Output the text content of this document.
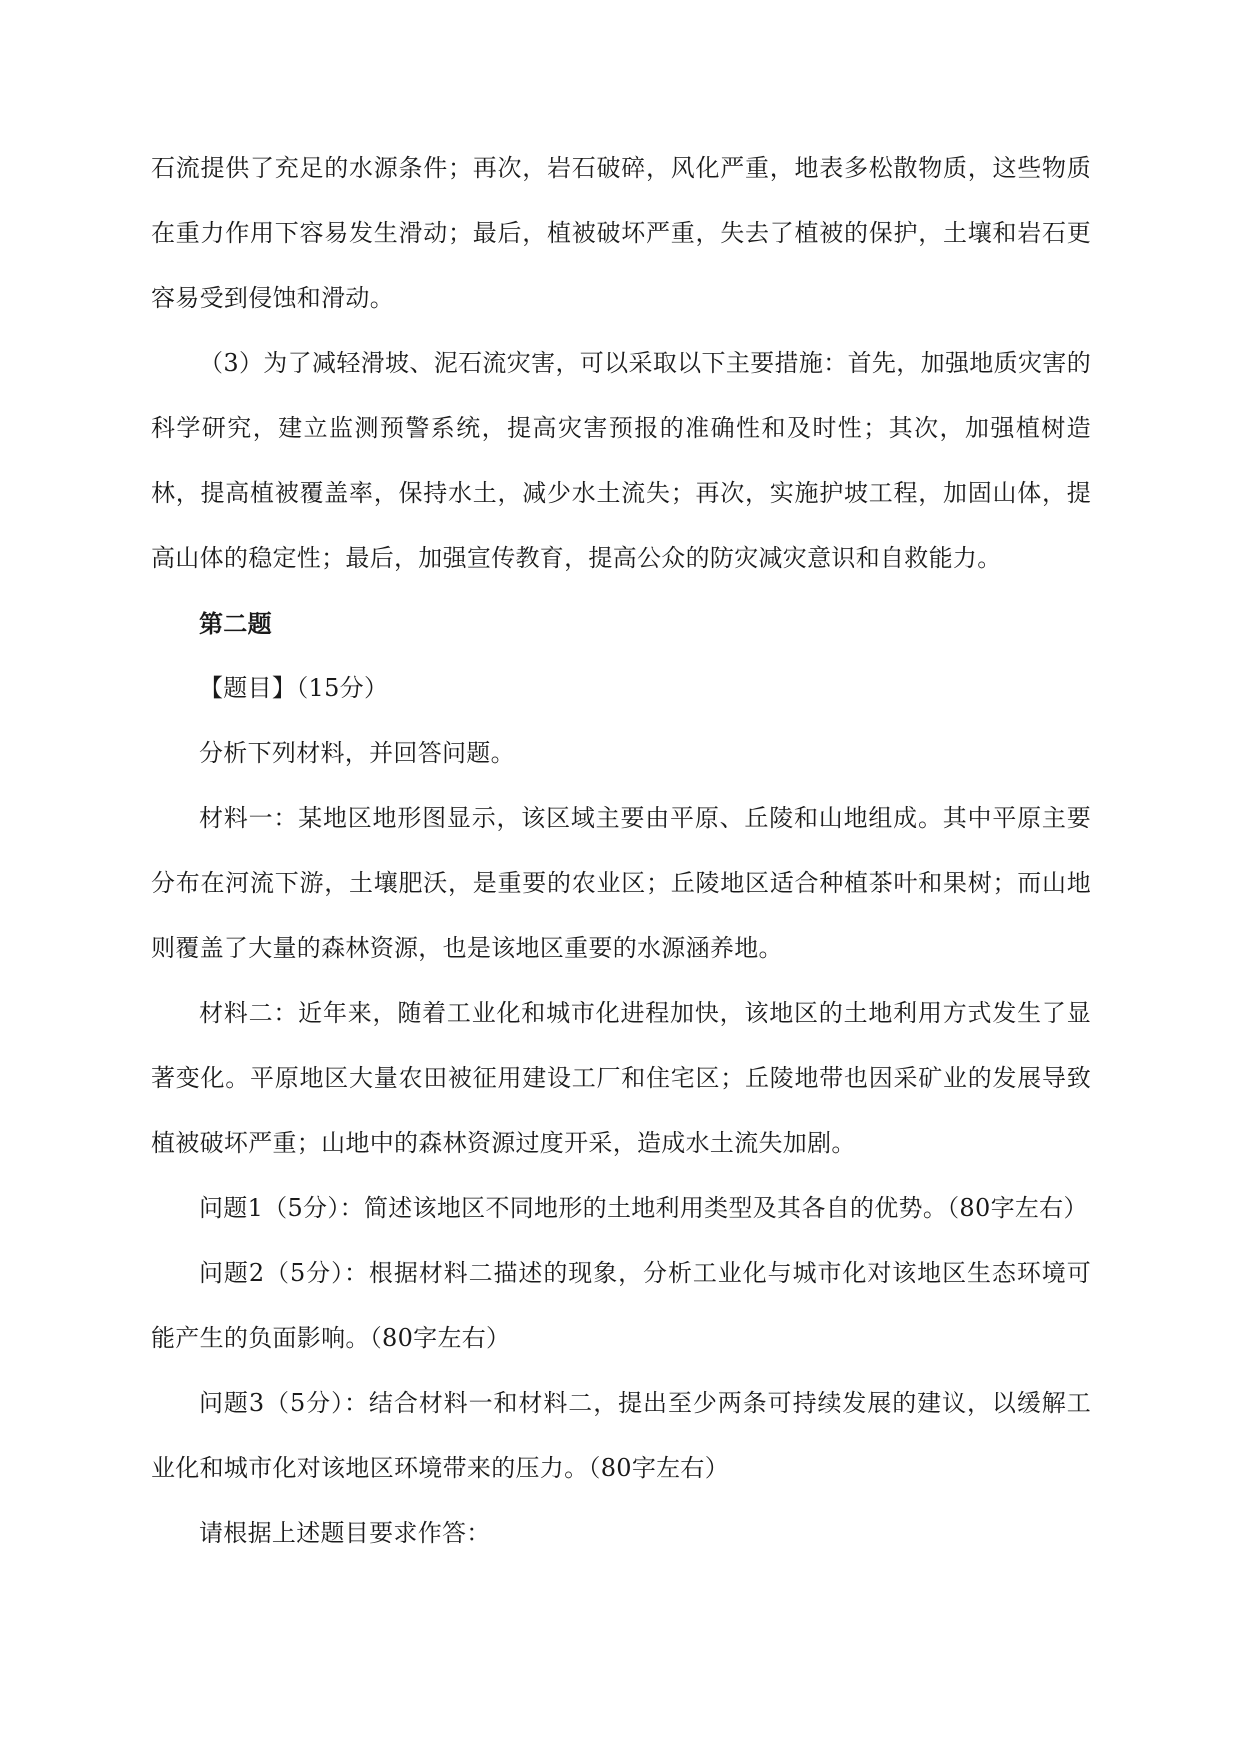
石流提供了充足的水源条件；再次，岩石破碎，风化严重，地表多松散物质，这些物质在重力作用下容易发生滑动；最后，植被破坏严重，失去了植被的保护，土壤和岩石更容易受到侵蚀和滑动。

（3）为了减轻滑坡、泥石流灾害，可以采取以下主要措施：首先，加强地质灾害的科学研究，建立监测预警系统，提高灾害预报的准确性和及时性；其次，加强植树造林，提高植被覆盖率，保持水土，减少水土流失；再次，实施护坡工程，加固山体，提高山体的稳定性；最后，加强宣传教育，提高公众的防灾减灾意识和自救能力。

第二题

【题目】（15分）

分析下列材料，并回答问题。

材料一：某地区地形图显示，该区域主要由平原、丘陵和山地组成。其中平原主要分布在河流下游，土壤肥沃，是重要的农业区；丘陵地区适合种植茶叶和果树；而山地则覆盖了大量的森林资源，也是该地区重要的水源涵养地。

材料二：近年来，随着工业化和城市化进程加快，该地区的土地利用方式发生了显著变化。平原地区大量农田被征用建设工厂和住宅区；丘陵地带也因采矿业的发展导致植被破坏严重；山地中的森林资源过度开采，造成水土流失加剧。

问题1（5分）：简述该地区不同地形的土地利用类型及其各自的优势。（80字左右）

问题2（5分）：根据材料二描述的现象，分析工业化与城市化对该地区生态环境可能产生的负面影响。（80字左右）

问题3（5分）：结合材料一和材料二，提出至少两条可持续发展的建议，以缓解工业化和城市化对该地区环境带来的压力。（80字左右）

请根据上述题目要求作答：
